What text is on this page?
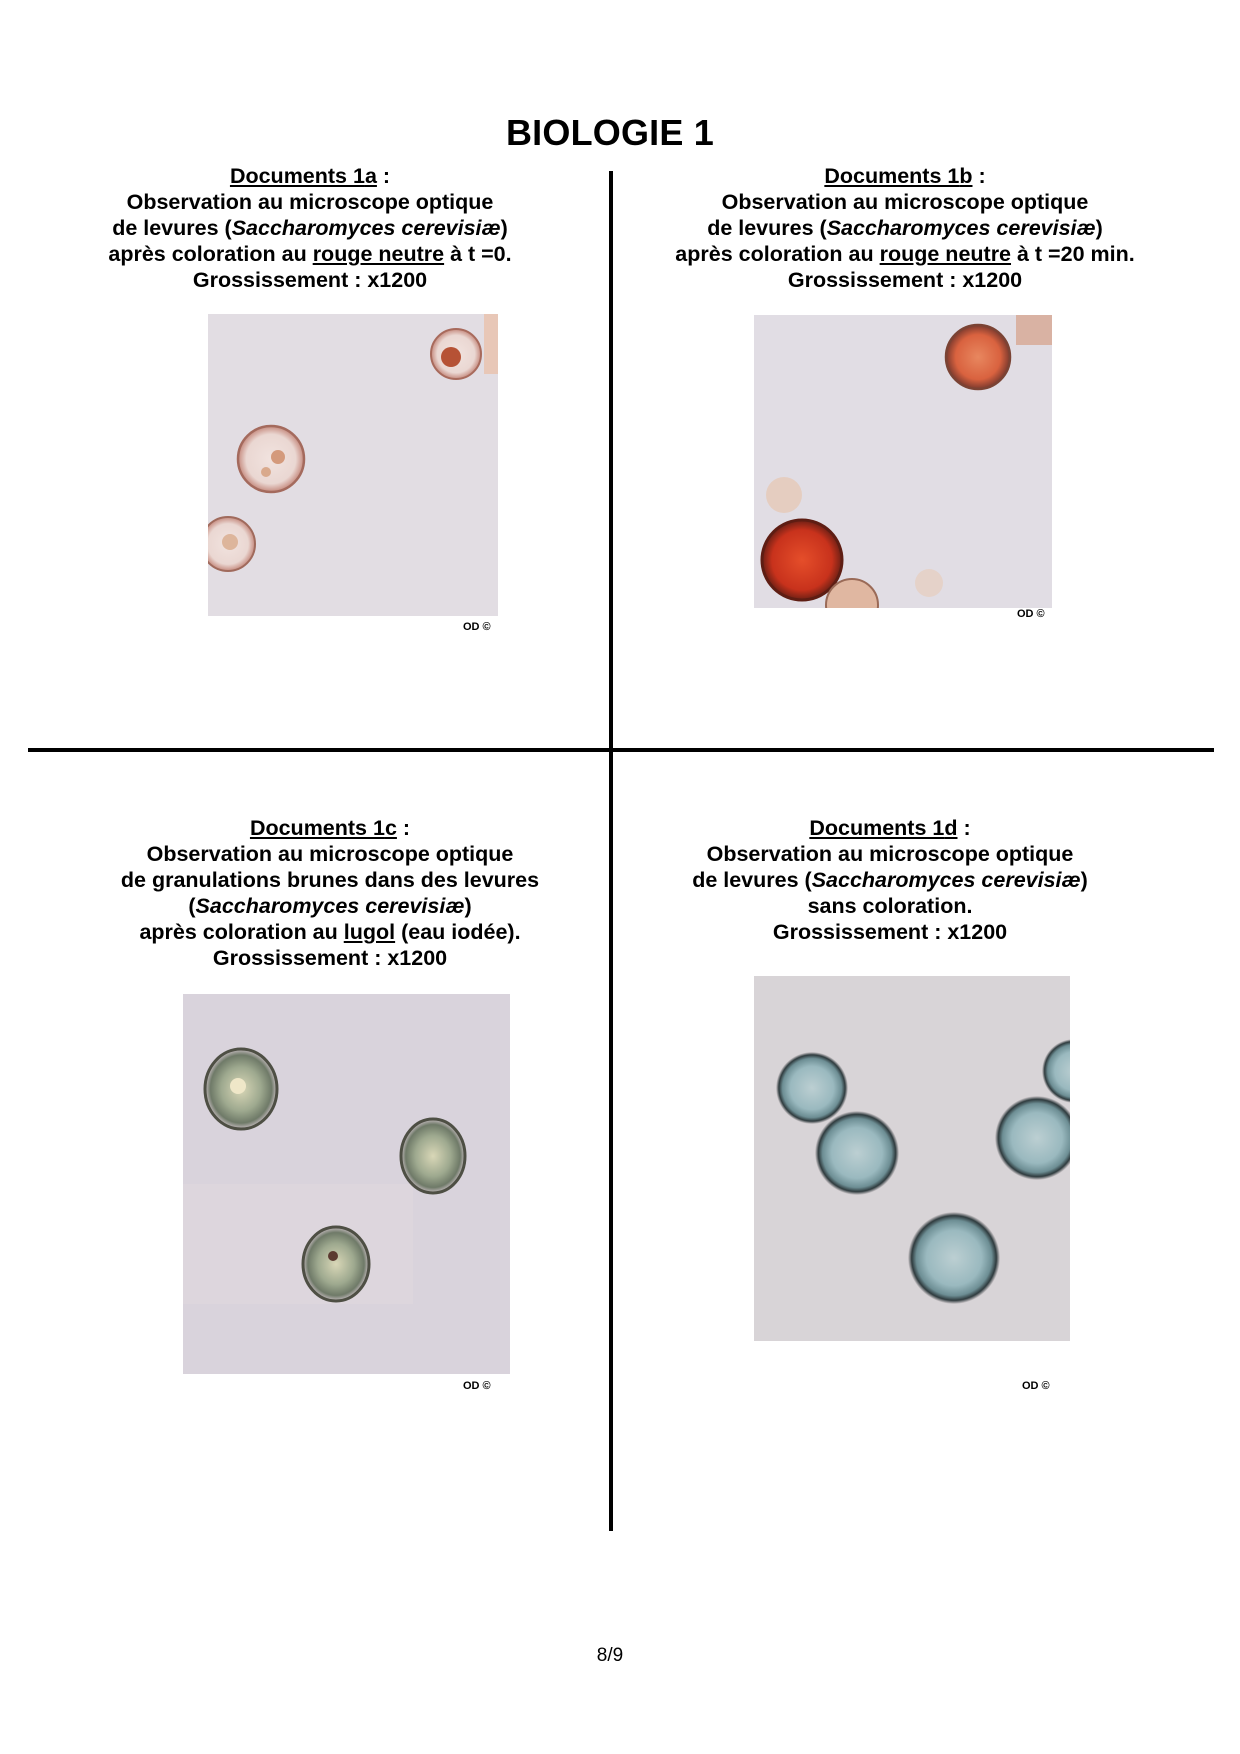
BIOLOGIE 1
Documents 1a :
Observation au microscope optique
de levures (Saccharomyces cerevisiæ)
après coloration au rouge neutre à t =0.
Grossissement : x1200
OD ©
Documents 1b :
Observation au microscope optique
de levures (Saccharomyces cerevisiæ)
après coloration au rouge neutre à t =20 min.
Grossissement : x1200
OD ©
Documents 1c :
Observation au microscope optique
de granulations brunes dans des levures
(Saccharomyces cerevisiæ)
après coloration au lugol (eau iodée).
Grossissement : x1200
OD ©
Documents 1d :
Observation au microscope optique
de levures (Saccharomyces cerevisiæ)
sans coloration.
Grossissement : x1200
OD ©
8/9
